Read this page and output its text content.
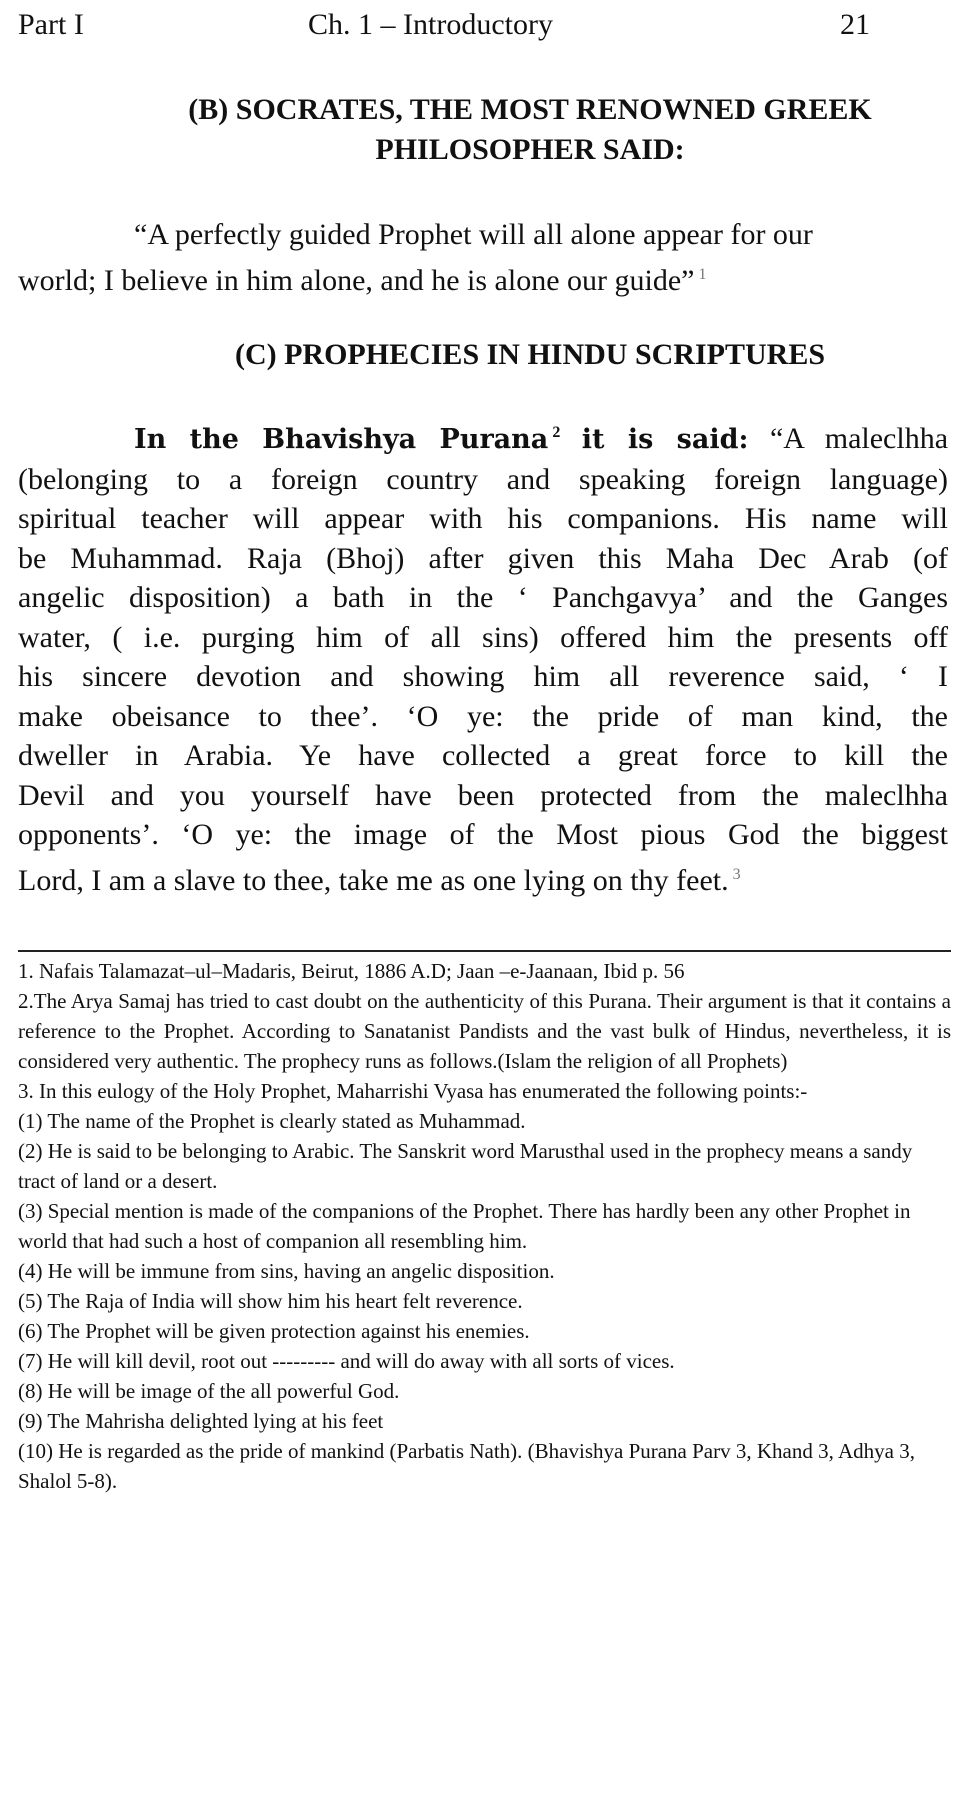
Part I	Ch. 1 – Introductory	21
(B) SOCRATES, THE MOST RENOWNED GREEK
PHILOSOPHER SAID:
“A perfectly guided Prophet will all alone appear for our
world; I believe in him alone, and he is alone our guide” $^1$
(C) PROPHECIES IN HINDU SCRIPTURES
In the Bhavishya Purana $^2$ it is said: “A maleclhha
(belonging to a foreign country and speaking foreign language)
spiritual teacher will appear with his companions. His name will
be Muhammad. Raja (Bhoj) after given this Maha Dec Arab (of
angelic disposition) a bath in the ‘ Panchgavya’ and the Ganges
water, ( i.e. purging him of all sins) offered him the presents off
his sincere devotion and showing him all reverence said, ‘ I
make obeisance to thee’. ‘O ye: the pride of man kind, the
dweller in Arabia. Ye have collected a great force to kill the
Devil and you yourself have been protected from the maleclhha
opponents’. ‘O ye: the image of the Most pious God the biggest
Lord, I am a slave to thee, take me as one lying on thy feet. $^3$
1. Nafais Talamazat–ul–Madaris, Beirut, 1886 A.D; Jaan –e-Jaanaan, Ibid p. 56
2.The Arya Samaj has tried to cast doubt on the authenticity of this Purana. Their argument is that it contains a reference to the Prophet. According to Sanatanist Pandists and the vast bulk of Hindus, nevertheless, it is considered very authentic. The prophecy runs as follows.(Islam the religion of all Prophets)
3. In this eulogy of the Holy Prophet, Maharrishi Vyasa has enumerated the following points:-
(1) The name of the Prophet is clearly stated as Muhammad.
(2) He is said to be belonging to Arabic. The Sanskrit word Marusthal used in the prophecy means a sandy tract of land or a desert.
(3) Special mention is made of the companions of the Prophet. There has hardly been any other Prophet in world that had such a host of companion all resembling him.
(4) He will be immune from sins, having an angelic disposition.
(5) The Raja of India will show him his heart felt reverence.
(6) The Prophet will be given protection against his enemies.
(7) He will kill devil, root out --------- and will do away with all sorts of vices.
(8) He will be image of the all powerful God.
(9) The Mahrisha delighted lying at his feet
(10) He is regarded as the pride of mankind (Parbatis Nath). (Bhavishya Purana Parv 3, Khand 3, Adhya 3, Shalol 5-8).
